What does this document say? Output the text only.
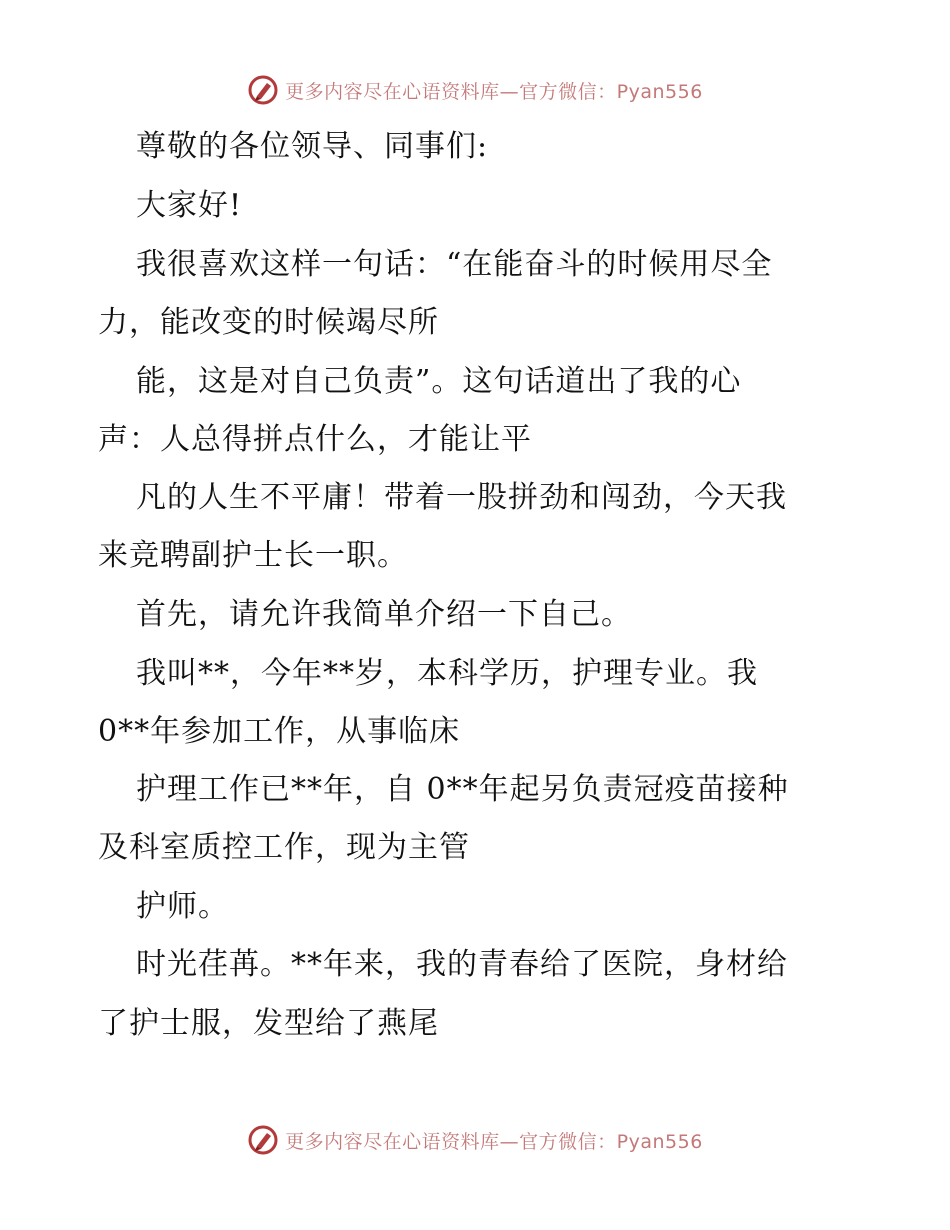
更多内容尽在心语资料库—官方微信：Pyan556
尊敬的各位领导、同事们:
大家好!
我很喜欢这样一句话：“在能奋斗的时候用尽全
力，能改变的时候竭尽所
能，这是对自己负责”。这句话道出了我的心
声：人总得拼点什么，才能让平
凡的人生不平庸！带着一股拼劲和闯劲，今天我
来竞聘副护士长一职。
首先，请允许我简单介绍一下自己。
我叫**，今年**岁，本科学历，护理专业。我
0**年参加工作，从事临床
护理工作已**年，自 0**年起另负责冠疫苗接种
及科室质控工作，现为主管
护师。
时光荏苒。**年来，我的青春给了医院，身材给
了护士服，发型给了燕尾
更多内容尽在心语资料库—官方微信：Pyan556
